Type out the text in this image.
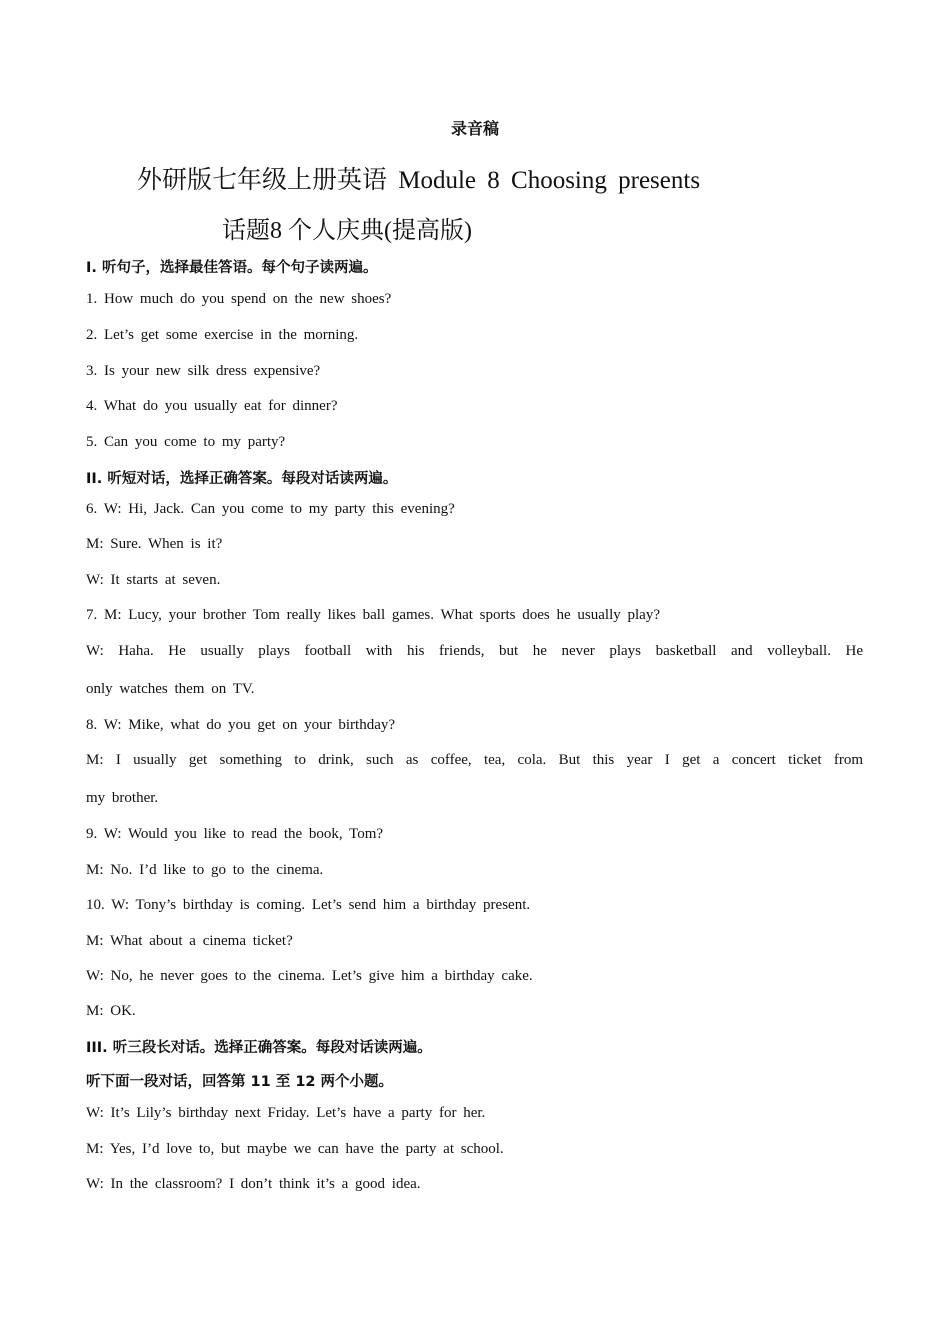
录音稿
外研版七年级上册英语 Module 8 Choosing presents
话题8 个人庆典(提高版)
Ⅰ. 听句子，选择最佳答语。每个句子读两遍。
1. How much do you spend on the new shoes?
2. Let’s get some exercise in the morning.
3. Is your new silk dress expensive?
4. What do you usually eat for dinner?
5. Can you come to my party?
II. 听短对话，选择正确答案。每段对话读两遍。
6. W: Hi, Jack. Can you come to my party this evening?
M: Sure. When is it?
W: It starts at seven.
7. M: Lucy, your brother Tom really likes ball games. What sports does he usually play?
W: Haha. He usually plays football with his friends, but he never plays basketball and volleyball. He
only watches them on TV.
8. W: Mike, what do you get on your birthday?
M: I usually get something to drink, such as coffee, tea, cola. But this year I get a concert ticket from
my brother.
9. W: Would you like to read the book, Tom?
M: No. I’d like to go to the cinema.
10. W: Tony’s birthday is coming. Let’s send him a birthday present.
M: What about a cinema ticket?
W: No, he never goes to the cinema. Let’s give him a birthday cake.
M: OK.
III. 听三段长对话。选择正确答案。每段对话读两遍。
听下面一段对话，回答第 11 至 12 两个小题。
W: It’s Lily’s birthday next Friday. Let’s have a party for her.
M: Yes, I’d love to, but maybe we can have the party at school.
W: In the classroom? I don’t think it’s a good idea.
